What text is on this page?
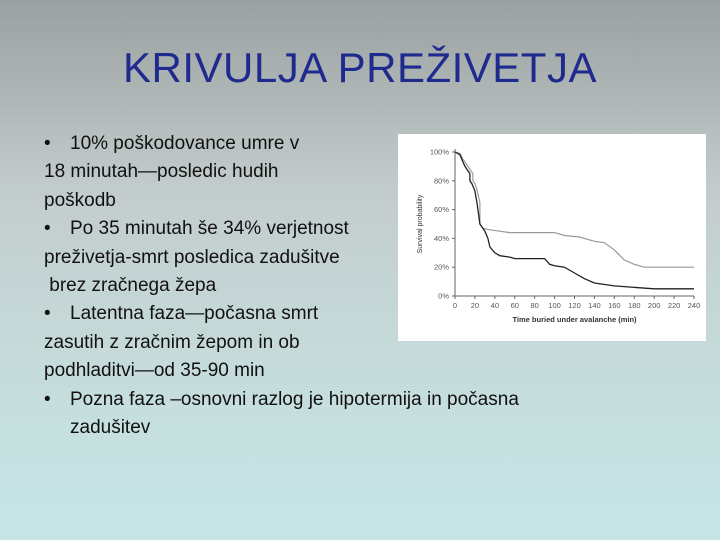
KRIVULJA PREŽIVETJA
• 10% poškodovance umre v
18 minutah—posledic hudih
poškodb
• Po 35 minutah še 34% verjetnost
preživetja-smrt posledica zadušitve
brez zračnega žepa
• Latentna faza—počasna smrt
zasutih z zračnim žepom in ob
podhladitvi—od 35-90 min
• Pozna faza –osnovni razlog je hipotermija in počasna
zadušitev
0%
20%
40%
60%
80%
100%
0 20 40 60 80 100 120 140 160 180 200 220 240
Time buried under avalanche (min)
Survival probability
